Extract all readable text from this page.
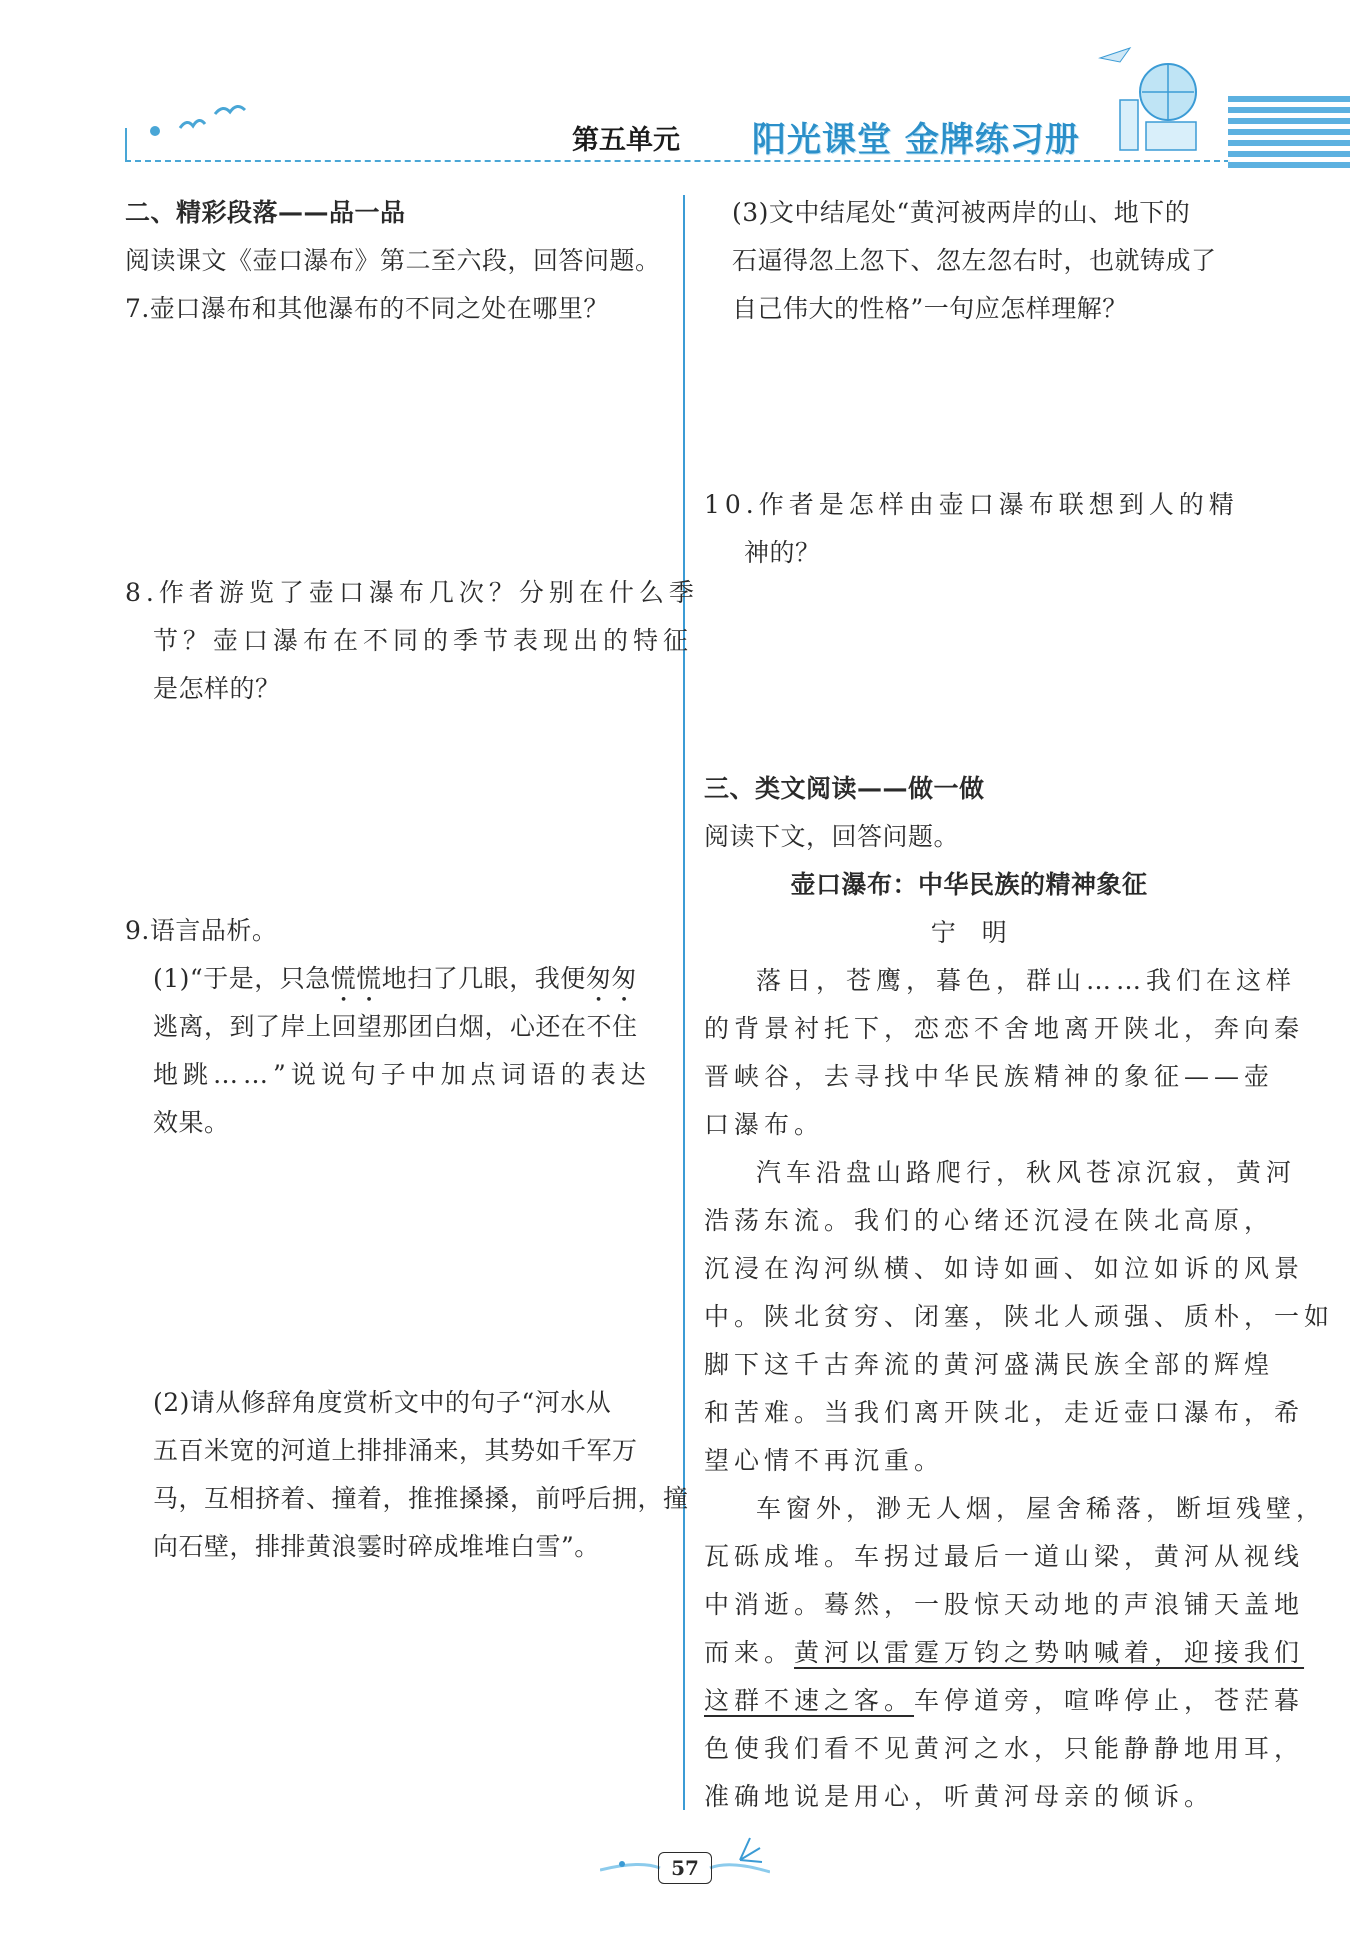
第五单元 阳光课堂 金牌练习册
二、精彩段落——品一品
阅读课文《壶口瀑布》第二至六段，回答问题。
7.壶口瀑布和其他瀑布的不同之处在哪里？
8.作者游览了壶口瀑布几次？分别在什么季
节？壶口瀑布在不同的季节表现出的特征
是怎样的？
9.语言品析。
(1)“于是，只急慌慌地扫了几眼，我便匆匆
逃离，到了岸上回望那团白烟，心还在不住
地跳……”说说句子中加点词语的表达
效果。
(2)请从修辞角度赏析文中的句子“河水从
五百米宽的河道上排排涌来，其势如千军万
马，互相挤着、撞着，推推搡搡，前呼后拥，撞
向石壁，排排黄浪霎时碎成堆堆白雪”。
(3)文中结尾处“黄河被两岸的山、地下的
石逼得忽上忽下、忽左忽右时，也就铸成了
自己伟大的性格”一句应怎样理解？
10.作者是怎样由壶口瀑布联想到人的精
神的？
三、类文阅读——做一做
阅读下文，回答问题。
壶口瀑布：中华民族的精神象征
宁　明
落日，苍鹰，暮色，群山……我们在这样
的背景衬托下，恋恋不舍地离开陕北，奔向秦
晋峡谷，去寻找中华民族精神的象征——壶
口瀑布。
汽车沿盘山路爬行，秋风苍凉沉寂，黄河
浩荡东流。我们的心绪还沉浸在陕北高原，
沉浸在沟河纵横、如诗如画、如泣如诉的风景
中。陕北贫穷、闭塞，陕北人顽强、质朴，一如
脚下这千古奔流的黄河盛满民族全部的辉煌
和苦难。当我们离开陕北，走近壶口瀑布，希
望心情不再沉重。
车窗外，渺无人烟，屋舍稀落，断垣残壁，
瓦砾成堆。车拐过最后一道山梁，黄河从视线
中消逝。蓦然，一股惊天动地的声浪铺天盖地
而来。黄河以雷霆万钧之势呐喊着，迎接我们
这群不速之客。车停道旁，喧哗停止，苍茫暮
色使我们看不见黄河之水，只能静静地用耳，
准确地说是用心，听黄河母亲的倾诉。
57
